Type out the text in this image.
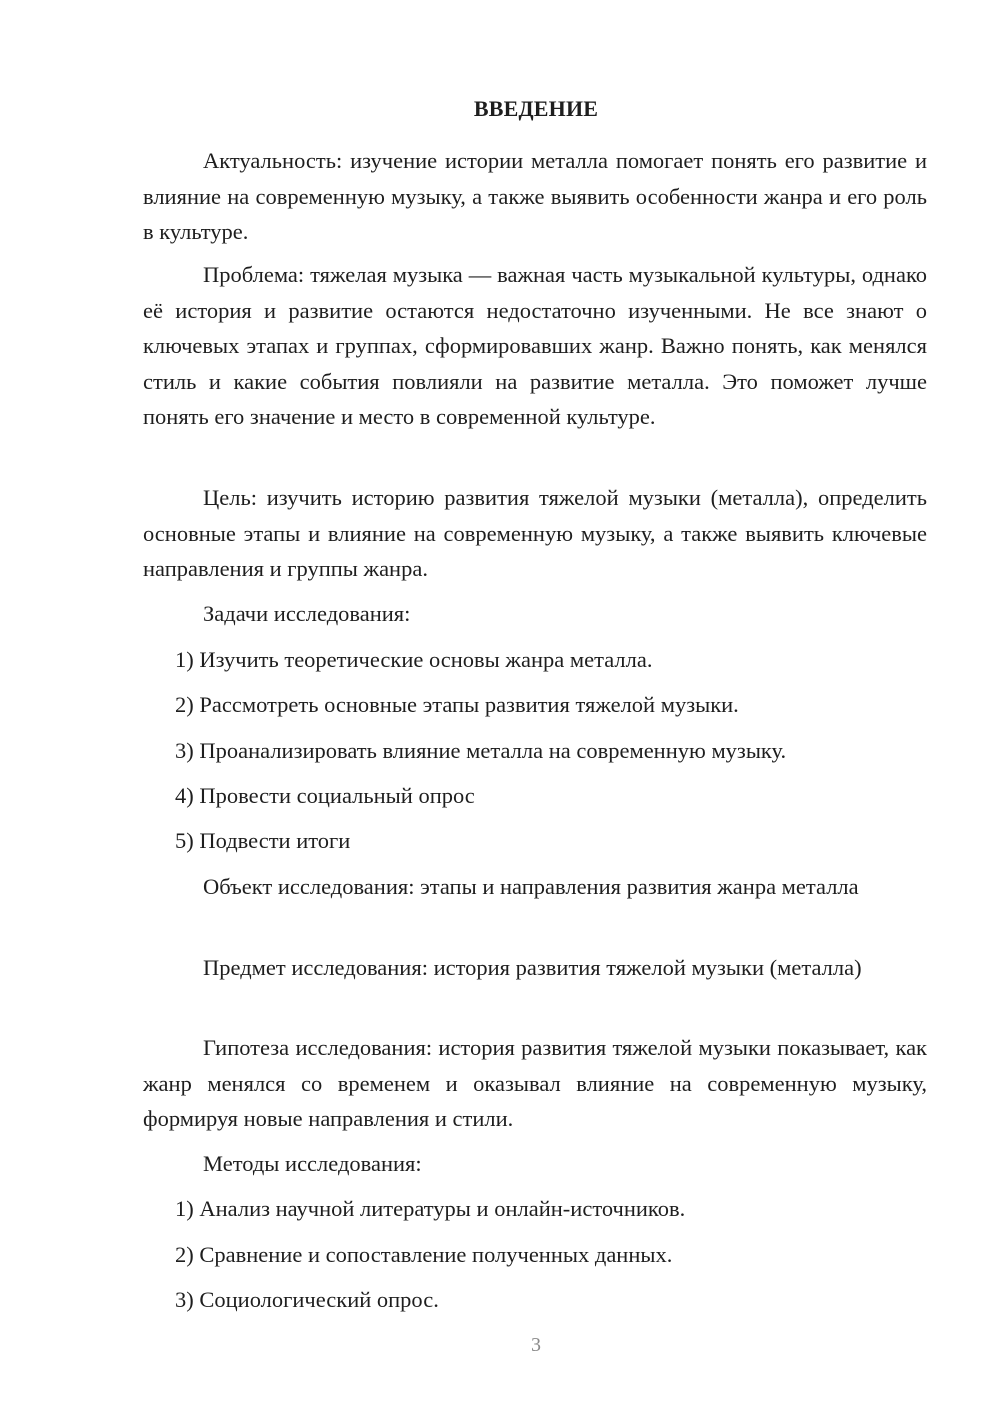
ВВЕДЕНИЕ

Актуальность: изучение истории металла помогает понять его развитие и влияние на современную музыку, а также выявить особенности жанра и его роль в культуре.

Проблема: тяжелая музыка — важная часть музыкальной культуры, однако её история и развитие остаются недостаточно изученными. Не все знают о ключевых этапах и группах, сформировавших жанр. Важно понять, как менялся стиль и какие события повлияли на развитие металла. Это поможет лучше понять его значение и место в современной культуре.

Цель: изучить историю развития тяжелой музыки (металла), определить основные этапы и влияние на современную музыку, а также выявить ключевые направления и группы жанра.

Задачи исследования:

1) Изучить теоретические основы жанра металла.

2) Рассмотреть основные этапы развития тяжелой музыки.

3) Проанализировать влияние металла на современную музыку.

4) Провести социальный опрос

5) Подвести итоги

Объект исследования: этапы и направления развития жанра металла

Предмет исследования: история развития тяжелой музыки (металла)

Гипотеза исследования: история развития тяжелой музыки показывает, как жанр менялся со временем и оказывал влияние на современную музыку, формируя новые направления и стили.

Методы исследования:

1) Анализ научной литературы и онлайн-источников.

2) Сравнение и сопоставление полученных данных.

3) Социологический опрос.

3
